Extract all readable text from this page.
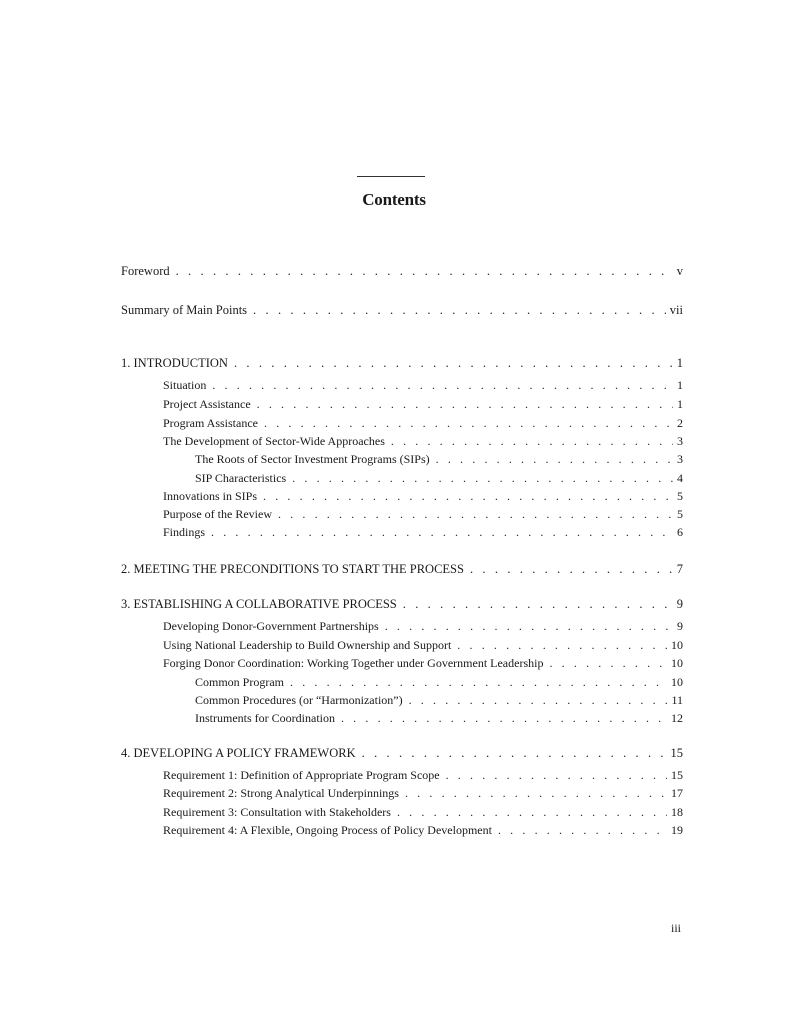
Contents
Foreword . . .	v
Summary of Main Points . . .	vii
1. INTRODUCTION . . .	1
Situation . . .	1
Project Assistance . . .	1
Program Assistance . . .	2
The Development of Sector-Wide Approaches . . .	3
The Roots of Sector Investment Programs (SIPs) . . .	3
SIP Characteristics . . .	4
Innovations in SIPs . . .	5
Purpose of the Review . . .	5
Findings . . .	6
2. MEETING THE PRECONDITIONS TO START THE PROCESS . . .	7
3. ESTABLISHING A COLLABORATIVE PROCESS . . .	9
Developing Donor-Government Partnerships . . .	9
Using National Leadership to Build Ownership and Support . . .	10
Forging Donor Coordination: Working Together under Government Leadership . . .	10
Common Program . . .	10
Common Procedures (or “Harmonization”) . . .	11
Instruments for Coordination . . .	12
4. DEVELOPING A POLICY FRAMEWORK . . .	15
Requirement 1: Definition of Appropriate Program Scope . . .	15
Requirement 2: Strong Analytical Underpinnings . . .	17
Requirement 3: Consultation with Stakeholders . . .	18
Requirement 4: A Flexible, Ongoing Process of Policy Development . . .	19
iii
